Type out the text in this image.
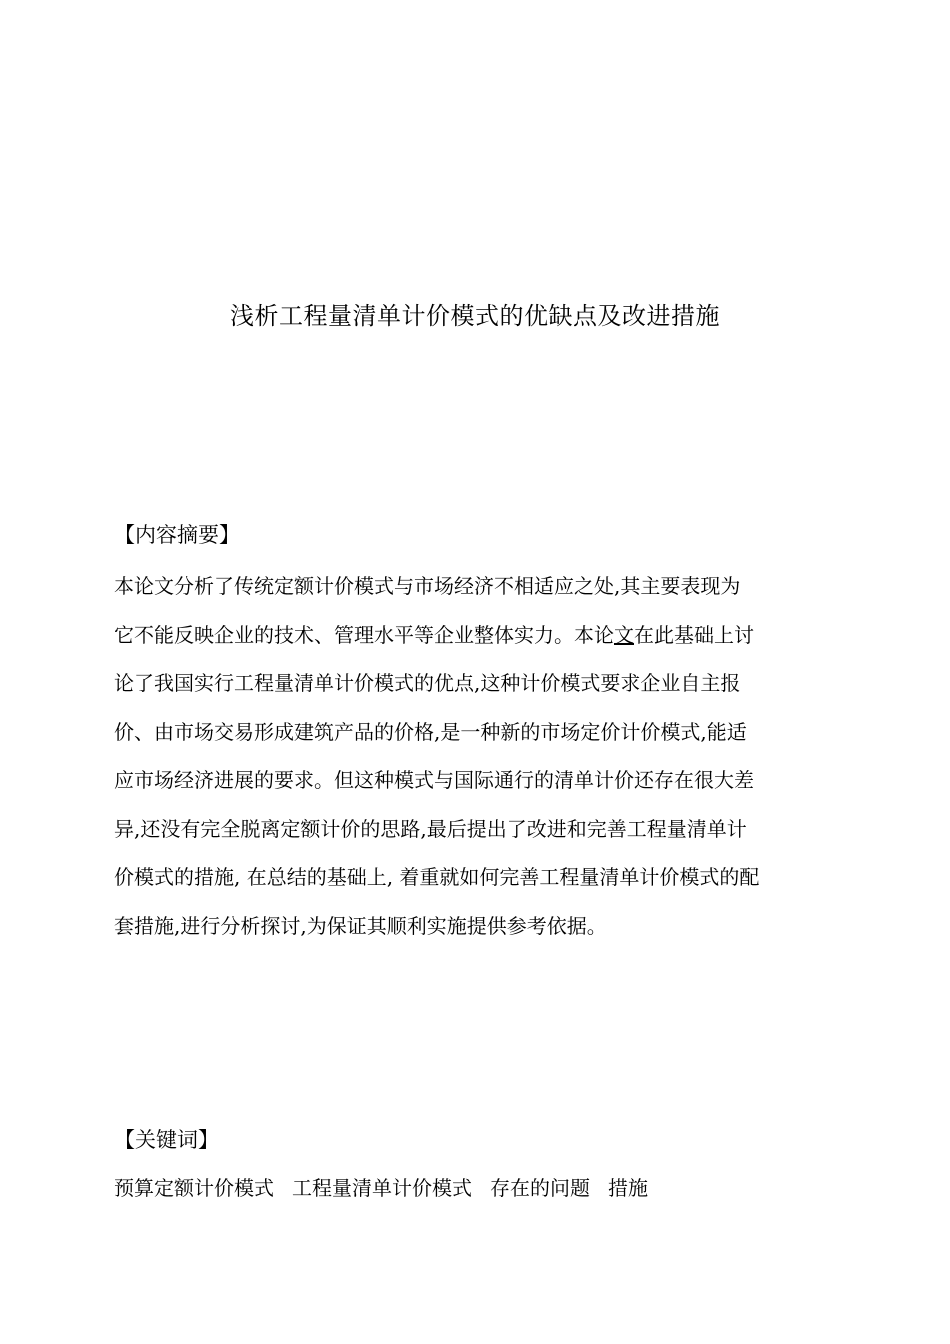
浅析工程量清单计价模式的优缺点及改进措施
【内容摘要】
本论文分析了传统定额计价模式与市场经济不相适应之处,其主要表现为
它不能反映企业的技术、管理水平等企业整体实力。本论文在此基础上讨
论了我国实行工程量清单计价模式的优点,这种计价模式要求企业自主报
价、由市场交易形成建筑产品的价格,是一种新的市场定价计价模式,能适
应市场经济进展的要求。但这种模式与国际通行的清单计价还存在很大差
异,还没有完全脱离定额计价的思路,最后提出了改进和完善工程量清单计
价模式的措施, 在总结的基础上, 着重就如何完善工程量清单计价模式的配
套措施,进行分析探讨,为保证其顺利实施提供参考依据。
【关键词】
预算定额计价模式 工程量清单计价模式 存在的问题 措施
